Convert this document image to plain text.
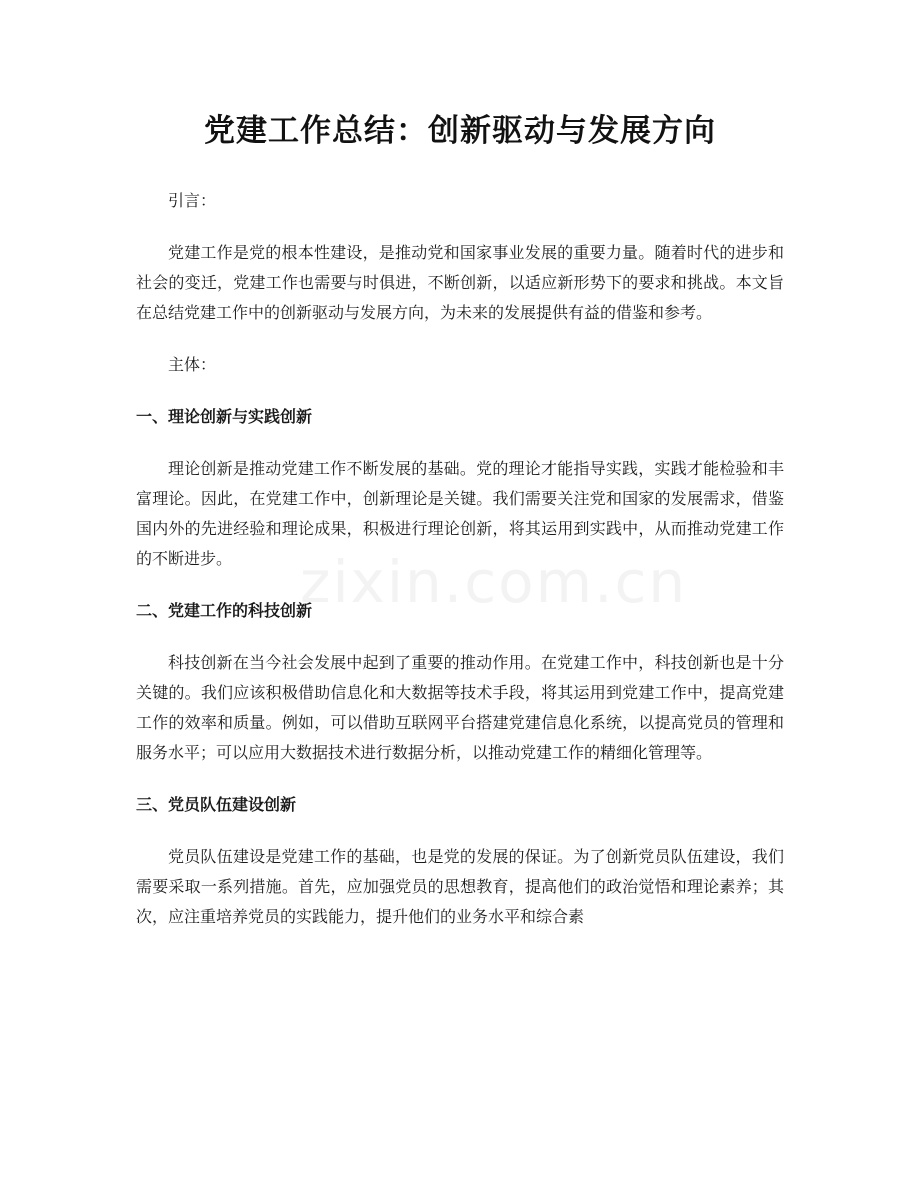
zixin.com.cn
党建工作总结：创新驱动与发展方向

引言：

党建工作是党的根本性建设，是推动党和国家事业发展的重要力量。随着时代的进步和社会的变迁，党建工作也需要与时俱进，不断创新，以适应新形势下的要求和挑战。本文旨在总结党建工作中的创新驱动与发展方向，为未来的发展提供有益的借鉴和参考。

主体：

一、理论创新与实践创新

理论创新是推动党建工作不断发展的基础。党的理论才能指导实践，实践才能检验和丰富理论。因此，在党建工作中，创新理论是关键。我们需要关注党和国家的发展需求，借鉴国内外的先进经验和理论成果，积极进行理论创新，将其运用到实践中，从而推动党建工作的不断进步。

二、党建工作的科技创新

科技创新在当今社会发展中起到了重要的推动作用。在党建工作中，科技创新也是十分关键的。我们应该积极借助信息化和大数据等技术手段，将其运用到党建工作中，提高党建工作的效率和质量。例如，可以借助互联网平台搭建党建信息化系统，以提高党员的管理和服务水平；可以应用大数据技术进行数据分析，以推动党建工作的精细化管理等。

三、党员队伍建设创新

党员队伍建设是党建工作的基础，也是党的发展的保证。为了创新党员队伍建设，我们需要采取一系列措施。首先，应加强党员的思想教育，提高他们的政治觉悟和理论素养；其次，应注重培养党员的实践能力，提升他们的业务水平和综合素
